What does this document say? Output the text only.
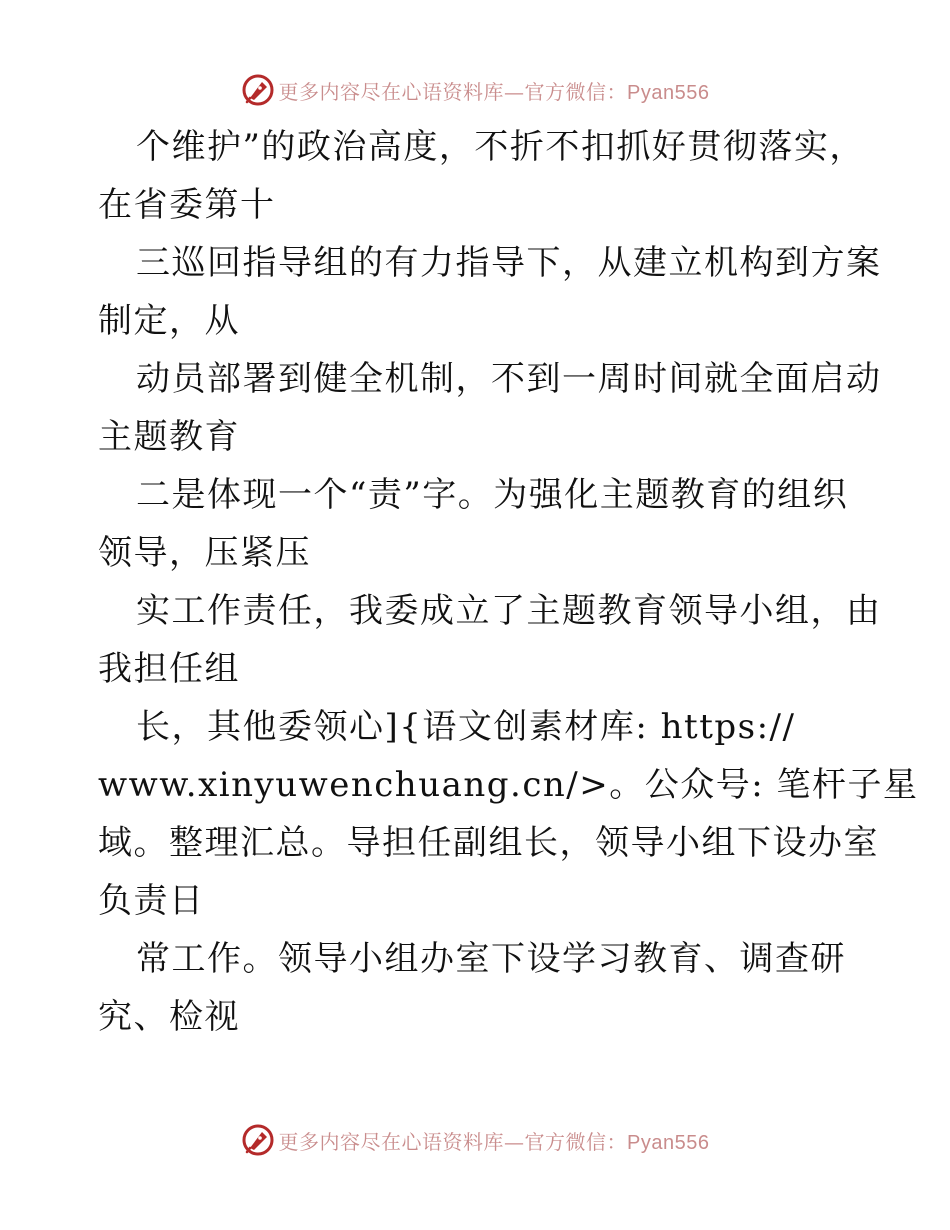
更多内容尽在心语资料库—官方微信：Pyan556
个维护”的政治高度，不折不扣抓好贯彻落实，
在省委第十
三巡回指导组的有力指导下，从建立机构到方案
制定，从
动员部署到健全机制，不到一周时间就全面启动
主题教育
二是体现一个“责”字。为强化主题教育的组织
领导，压紧压
实工作责任，我委成立了主题教育领导小组，由
我担任组
长，其他委领心]{语文创素材库: https://
www.xinyuwenchuang.cn/>。公众号: 笔杆子星
域。整理汇总。导担任副组长，领导小组下设办室
负责日
常工作。领导小组办室下设学习教育、调查研
究、检视
更多内容尽在心语资料库—官方微信：Pyan556
